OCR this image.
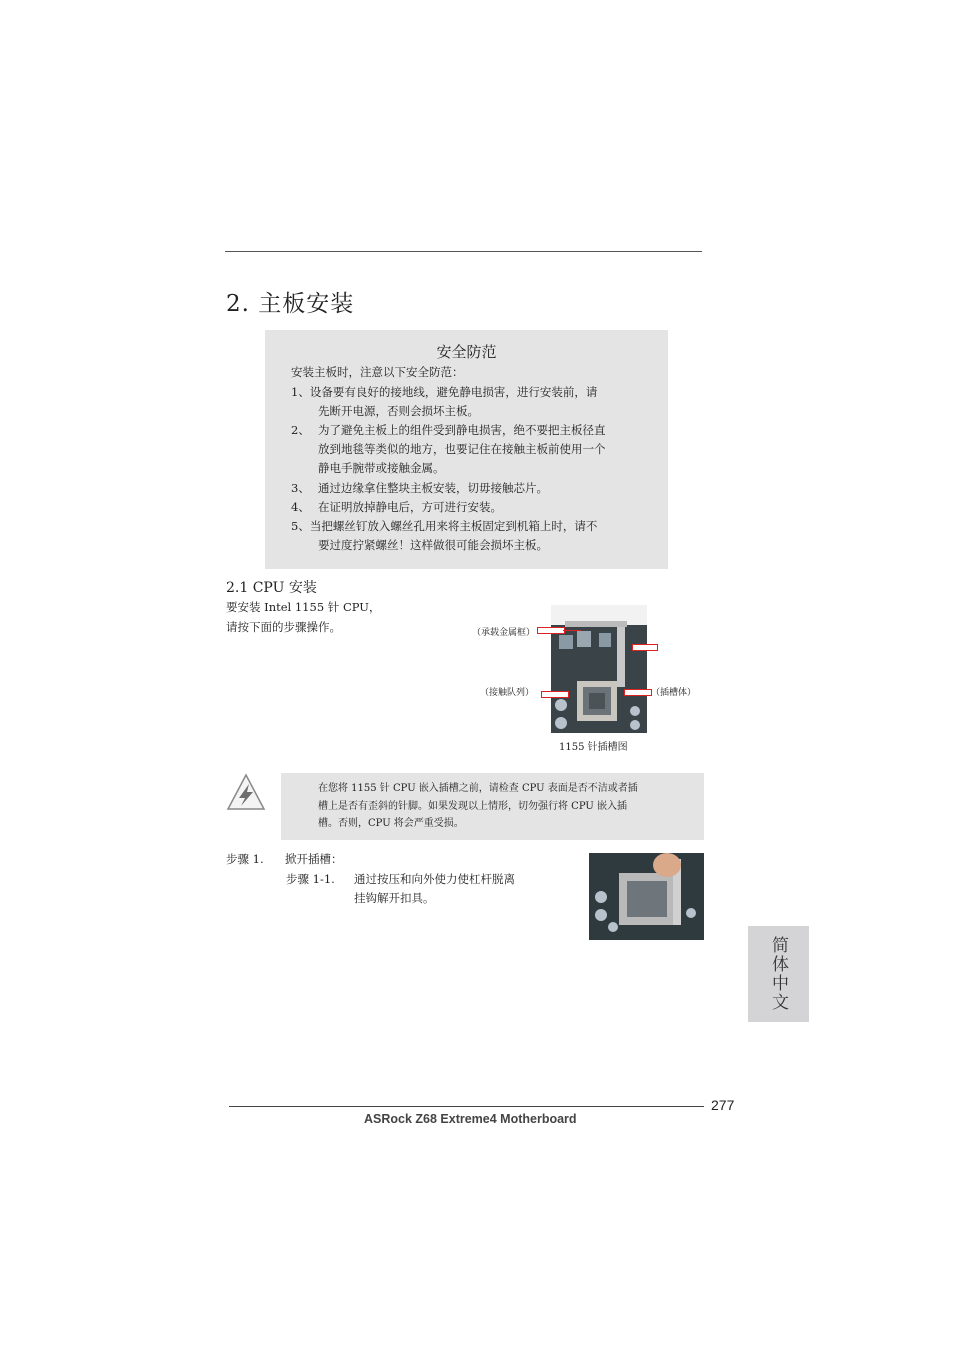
2. 主板安装
安全防范
安装主板时，注意以下安全防范：
1、设备要有良好的接地线，避免静电损害，进行安装前，请
先断开电源，否则会损坏主板。
2、 为了避免主板上的组件受到静电损害，绝不要把主板径直
放到地毯等类似的地方，也要记住在接触主板前使用一个
静电手腕带或接触金属。
3、 通过边缘拿住整块主板安装，切毋接触芯片。
4、 在证明放掉静电后，方可进行安装。
5、当把螺丝钉放入螺丝孔用来将主板固定到机箱上时，请不
要过度拧紧螺丝！这样做很可能会损坏主板。
2.1 CPU 安装
要安装 Intel 1155 针 CPU，
请按下面的步骤操作。	（承载金属框）
（接触队列）	（插槽体）
1155 针插槽图
在您将 1155 针 CPU 嵌入插槽之前，请检查 CPU 表面是否不洁或者插
槽上是否有歪斜的针脚。如果发现以上情形，切勿强行将 CPU 嵌入插
槽。否则，CPU 将会严重受损。
步骤 1. 掀开插槽：
步骤 1-1. 通过按压和向外使力使杠杆脱离
挂钩解开扣具。
简体中文
277
ASRock Z68 Extreme4 Motherboard
